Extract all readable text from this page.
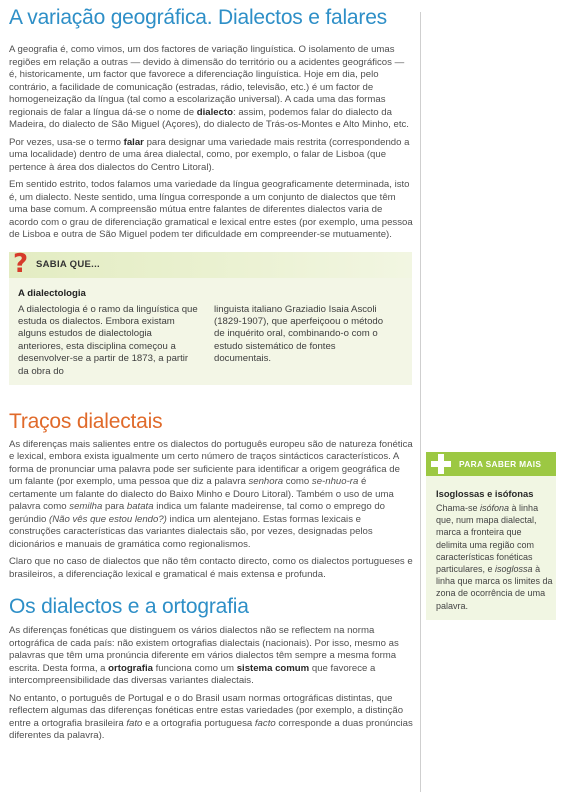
A variação geográfica. Dialectos e falares

A geografia é, como vimos, um dos factores de variação linguística. O isolamento de umas regiões em relação a outras — devido à dimensão do território ou a acidentes geográficos — é, historicamente, um factor que favorece a diferenciação linguística. Hoje em dia, pelo contrário, a facilidade de comunicação (estradas, rádio, televisão, etc.) é um factor de homogeneização da língua (tal como a escolarização universal). A cada uma das formas regionais de falar a língua dá-se o nome de dialecto: assim, podemos falar do dialecto da Madeira, do dialecto de São Miguel (Açores), do dialecto de Trás-os-Montes e Alto Minho, etc.

Por vezes, usa-se o termo falar para designar uma variedade mais restrita (correspondendo a uma localidade) dentro de uma área dialectal, como, por exemplo, o falar de Lisboa (que pertence à área dos dialectos do Centro Litoral).

Em sentido estrito, todos falamos uma variedade da língua geograficamente determinada, isto é, um dialecto. Neste sentido, uma língua corresponde a um conjunto de dialectos que têm uma base comum. A compreensão mútua entre falantes de diferentes dialectos varia de acordo com o grau de diferenciação gramatical e lexical entre estes (por exemplo, uma pessoa de Lisboa e outra de São Miguel podem ter dificuldade em compreender-se mutuamente).

? SABIA QUE...
A dialectologia

A dialectologia é o ramo da linguística que estuda os dialectos. Embora existam alguns estudos de dialectologia anteriores, esta disciplina começou a desenvolver-se a partir de 1873, a partir da obra do

linguista italiano Graziadio Isaia Ascoli (1829-1907), que aperfeiçoou o método de inquérito oral, combinando-o com o estudo sistemático de fontes documentais.

Traços dialectais

As diferenças mais salientes entre os dialectos do português europeu são de natureza fonética e lexical, embora exista igualmente um certo número de traços sintácticos característicos. A forma de pronunciar uma palavra pode ser suficiente para identificar a origem geográfica de um falante (por exemplo, uma pessoa que diz a palavra senhora como se-nhuo-ra é certamente um falante do dialecto do Baixo Minho e Douro Litoral). Também o uso de uma palavra como semilha para batata indica um falante madeirense, tal como o emprego do gerúndio (Não vês que estou lendo?) indica um alentejano. Estas formas lexicais e construções características das variantes dialectais são, por vezes, designadas pelos dicionários e manuais de gramática como regionalismos.

Claro que no caso de dialectos que não têm contacto directo, como os dialectos portugueses e brasileiros, a diferenciação lexical e gramatical é mais extensa e profunda.

Os dialectos e a ortografia

As diferenças fonéticas que distinguem os vários dialectos não se reflectem na norma ortográfica de cada país: não existem ortografias dialectais (nacionais). Por isso, mesmo as palavras que têm uma pronúncia diferente em vários dialectos têm sempre a mesma forma escrita. Desta forma, a ortografia funciona como um sistema comum que favorece a intercompreensibilidade das diversas variantes dialectais.

No entanto, o português de Portugal e o do Brasil usam normas ortográficas distintas, que reflectem algumas das diferenças fonéticas entre estas variedades (por exemplo, a distinção entre a ortografia brasileira fato e a ortografia portuguesa facto corresponde a duas pronúncias diferentes da palavra).

PARA SABER MAIS
Isoglossas e isófonas

Chama-se isófona à linha que, num mapa dialectal, marca a fronteira que delimita uma região com características fonéticas particulares, e isoglossa à linha que marca os limites da zona de ocorrência de uma palavra.
